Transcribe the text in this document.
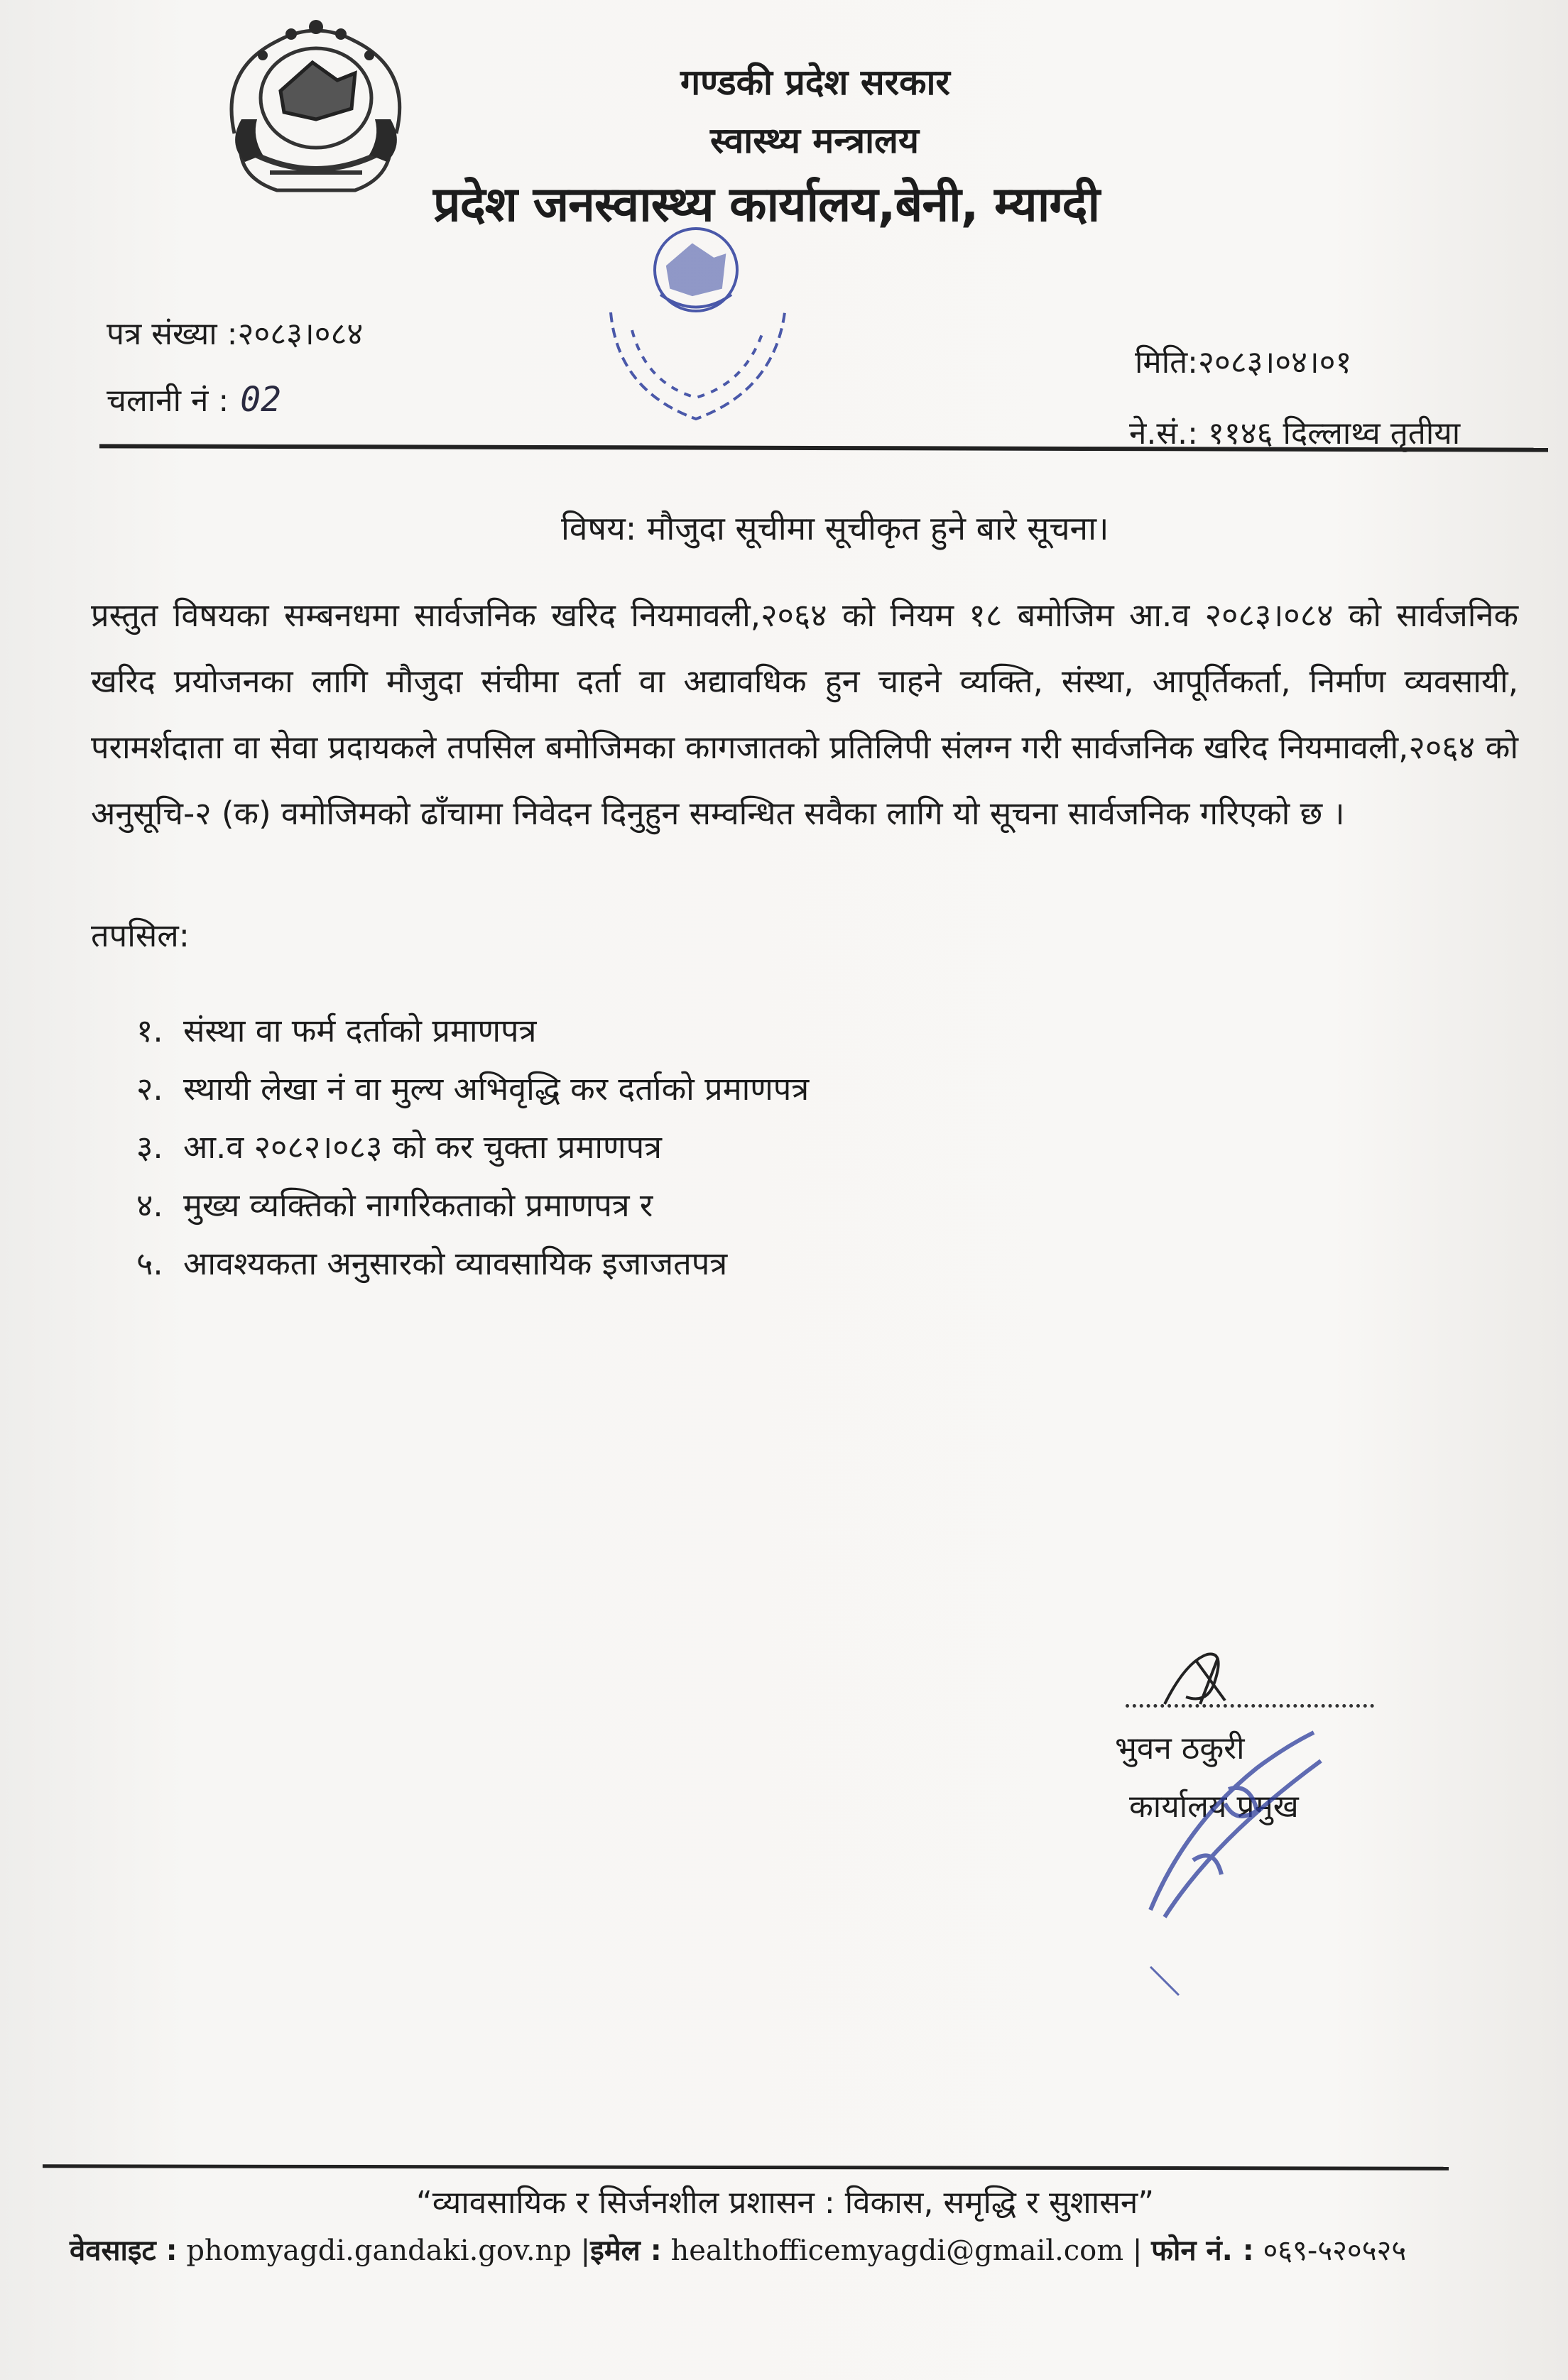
गण्डकी प्रदेश सरकार
स्वास्थ्य मन्त्रालय
प्रदेश जनस्वास्थ्य कार्यालय,बेनी, म्याग्दी
पत्र संख्या :२०८३।०८४
चलानी नं : 02
मिति:२०८३।०४।०१
ने.सं.: ११४६ दिल्लाथ्व तृतीया
विषय: मौजुदा सूचीमा सूचीकृत हुने बारे सूचना।
प्रस्तुत विषयका सम्बनधमा सार्वजनिक खरिद नियमावली,२०६४ को नियम १८ बमोजिम आ.व २०८३।०८४ को सार्वजनिक खरिद प्रयोजनका लागि मौजुदा संचीमा दर्ता वा अद्यावधिक हुन चाहने व्यक्ति, संस्था, आपूर्तिकर्ता, निर्माण व्यवसायी, परामर्शदाता वा सेवा प्रदायकले तपसिल बमोजिमका कागजातको प्रतिलिपी संलग्न गरी सार्वजनिक खरिद नियमावली,२०६४ को अनुसूचि-२ (क) वमोजिमको ढाँचामा निवेदन दिनुहुन सम्वन्धित सवैका लागि यो सूचना सार्वजनिक गरिएको छ ।
तपसिल:
१. संस्था वा फर्म दर्ताको प्रमाणपत्र
२. स्थायी लेखा नं वा मुल्य अभिवृद्धि कर दर्ताको प्रमाणपत्र
३. आ.व २०८२।०८३ को कर चुक्ता प्रमाणपत्र
४. मुख्य व्यक्तिको नागरिकताको प्रमाणपत्र र
५. आवश्यकता अनुसारको व्यावसायिक इजाजतपत्र
भुवन ठकुरी
कार्यालय प्रमुख
“व्यावसायिक र सिर्जनशील प्रशासन : विकास, समृद्धि र सुशासन”
वेवसाइट : phomyagdi.gandaki.gov.np |इमेल : healthofficemyagdi@gmail.com | फोन नं. : ०६९-५२०५२५
